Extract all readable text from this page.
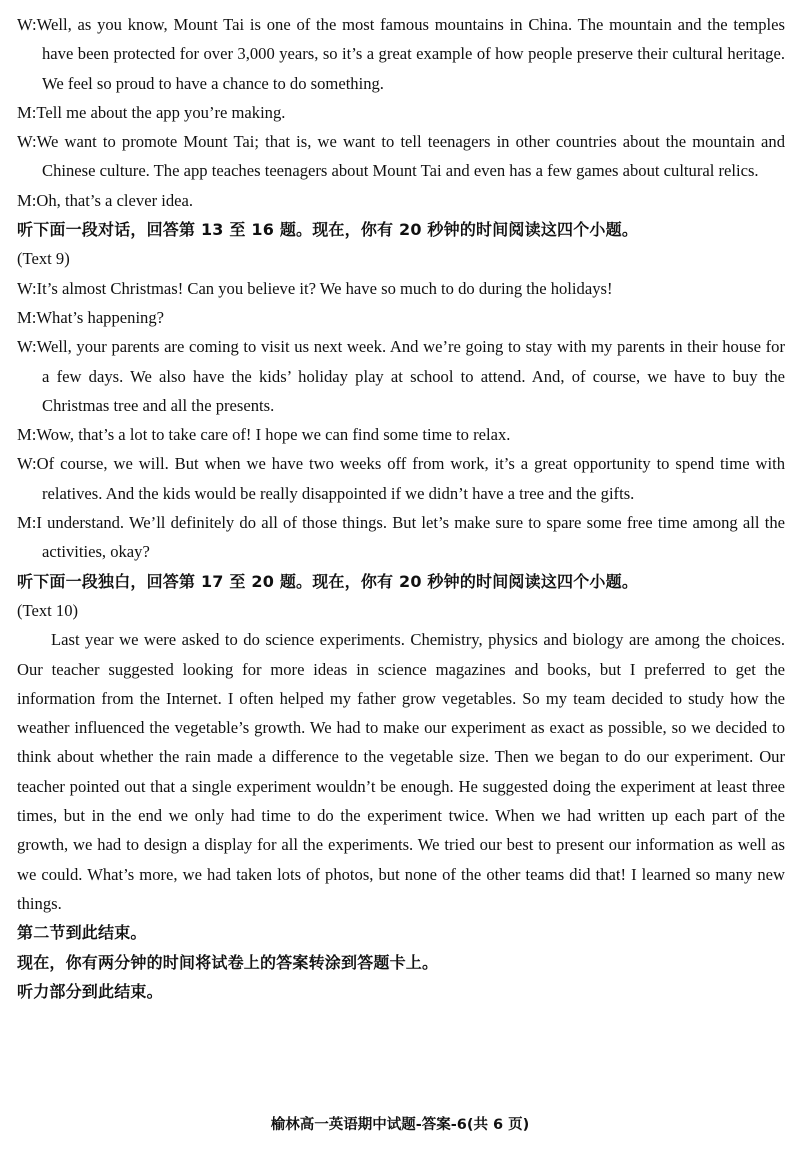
W:Well, as you know, Mount Tai is one of the most famous mountains in China. The mountain and the temples have been protected for over 3,000 years, so it’s a great example of how people preserve their cultural heritage. We feel so proud to have a chance to do something.

M:Tell me about the app you’re making.

W:We want to promote Mount Tai; that is, we want to tell teenagers in other countries about the mountain and Chinese culture. The app teaches teenagers about Mount Tai and even has a few games about cultural relics.

M:Oh, that’s a clever idea.

听下面一段对话，回答第 13 至 16 题。现在，你有 20 秒钟的时间阅读这四个小题。

(Text 9)

W:It’s almost Christmas! Can you believe it? We have so much to do during the holidays!

M:What’s happening?

W:Well, your parents are coming to visit us next week. And we’re going to stay with my parents in their house for a few days. We also have the kids’ holiday play at school to attend. And, of course, we have to buy the Christmas tree and all the presents.

M:Wow, that’s a lot to take care of! I hope we can find some time to relax.

W:Of course, we will. But when we have two weeks off from work, it’s a great opportunity to spend time with relatives. And the kids would be really disappointed if we didn’t have a tree and the gifts.

M:I understand. We’ll definitely do all of those things. But let’s make sure to spare some free time among all the activities, okay?

听下面一段独白，回答第 17 至 20 题。现在，你有 20 秒钟的时间阅读这四个小题。

(Text 10)

Last year we were asked to do science experiments. Chemistry, physics and biology are among the choices. Our teacher suggested looking for more ideas in science magazines and books, but I preferred to get the information from the Internet. I often helped my father grow vegetables. So my team decided to study how the weather influenced the vegetable’s growth. We had to make our experiment as exact as possible, so we decided to think about whether the rain made a difference to the vegetable size. Then we began to do our experiment. Our teacher pointed out that a single experiment wouldn’t be enough. He suggested doing the experiment at least three times, but in the end we only had time to do the experiment twice. When we had written up each part of the growth, we had to design a display for all the experiments. We tried our best to present our information as well as we could. What’s more, we had taken lots of photos, but none of the other teams did that! I learned so many new things.

第二节到此结束。

现在，你有两分钟的时间将试卷上的答案转涂到答题卡上。

听力部分到此结束。

榆林高一英语期中试题-答案-6(共 6 页)
